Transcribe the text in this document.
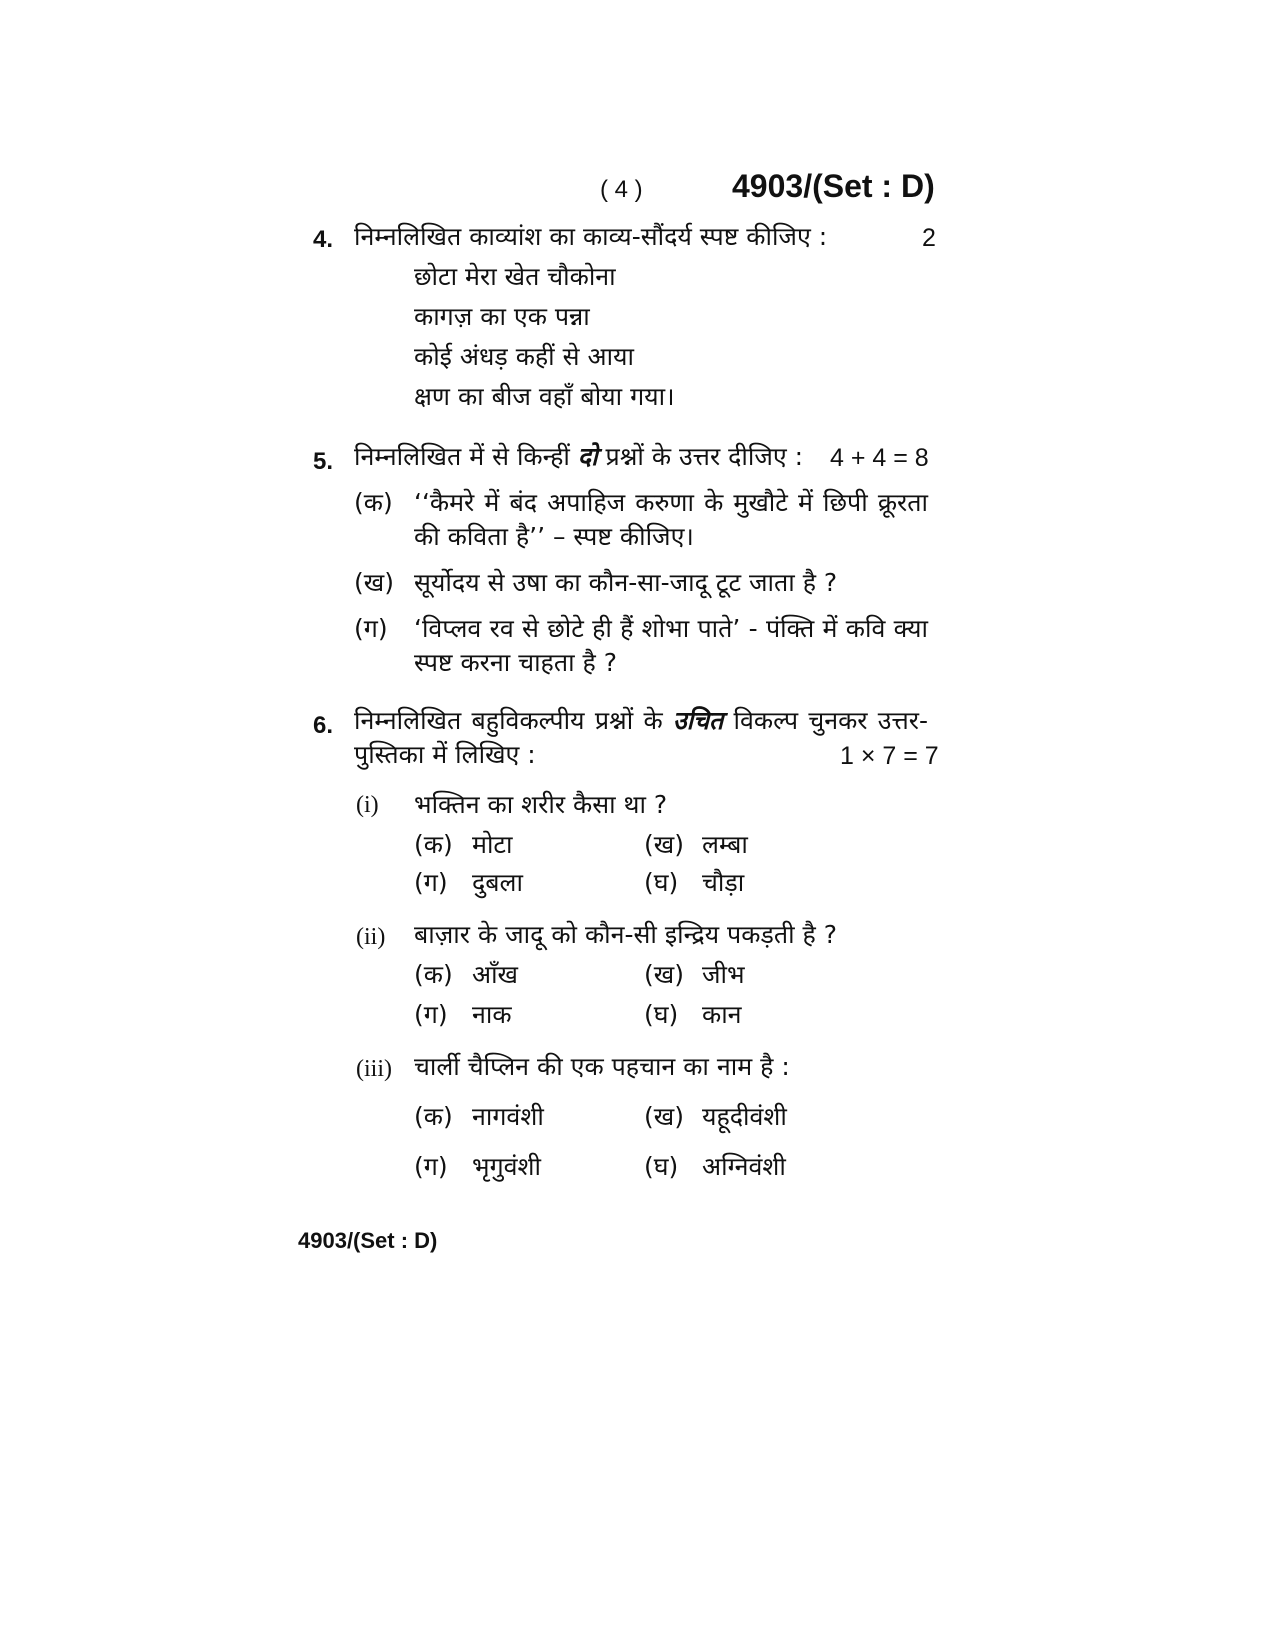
( 4 )	4903/(Set : D)
4. निम्नलिखित काव्यांश का काव्य-सौंदर्य स्पष्ट कीजिए :	2
छोटा मेरा खेत चौकोना
कागज़ का एक पन्ना
कोई अंधड़ कहीं से आया
क्षण का बीज वहाँ बोया गया।
5. निम्नलिखित में से किन्हीं दो प्रश्नों के उत्तर दीजिए : 4 + 4 = 8
(क) ‘‘कैमरे में बंद अपाहिज करुणा के मुखौटे में छिपी क्रूरता
की कविता है’’ – स्पष्ट कीजिए।
(ख) सूर्योदय से उषा का कौन-सा-जादू टूट जाता है ?
(ग) ‘विप्लव रव से छोटे ही हैं शोभा पाते’ - पंक्ति में कवि क्या
स्पष्ट करना चाहता है ?
6. निम्नलिखित बहुविकल्पीय प्रश्नों के उचित विकल्प चुनकर उत्तर-
पुस्तिका में लिखिए :	1 × 7 = 7
(i) भक्तिन का शरीर कैसा था ?
(क) मोटा	(ख) लम्बा
(ग) दुबला	(घ) चौड़ा
(ii) बाज़ार के जादू को कौन-सी इन्द्रिय पकड़ती है ?
(क) आँख	(ख) जीभ
(ग) नाक	(घ) कान
(iii) चार्ली चैप्लिन की एक पहचान का नाम है :
(क) नागवंशी	(ख) यहूदीवंशी
(ग) भृगुवंशी	(घ) अग्निवंशी
4903/(Set : D)
